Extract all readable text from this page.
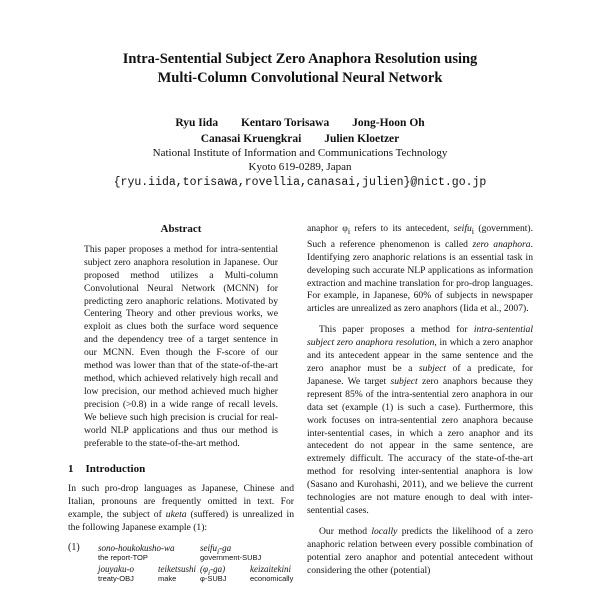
Intra-Sentential Subject Zero Anaphora Resolution using
Multi-Column Convolutional Neural Network
Ryu Iida Kentaro Torisawa Jong-Hoon Oh
Canasai Kruengkrai Julien Kloetzer
National Institute of Information and Communications Technology
Kyoto 619-0289, Japan
{ryu.iida,torisawa,rovellia,canasai,julien}@nict.go.jp
Abstract
This paper proposes a method for intra-sentential subject zero anaphora resolution in Japanese. Our proposed method utilizes a Multi-column Convolutional Neural Network (MCNN) for predicting zero anaphoric relations. Motivated by Centering Theory and other previous works, we exploit as clues both the surface word sequence and the dependency tree of a target sentence in our MCNN. Even though the F-score of our method was lower than that of the state-of-the-art method, which achieved relatively high recall and low precision, our method achieved much higher precision (>0.8) in a wide range of recall levels. We believe such high precision is crucial for real-world NLP applications and thus our method is preferable to the state-of-the-art method.
1 Introduction

In such pro-drop languages as Japanese, Chinese and Italian, pronouns are frequently omitted in text. For example, the subject of uketa (suffered) is unrealized in the following Japanese example (1):

(1) sono-houkokusho-wa	seifu$_i$-ga
the report-TOP	government-SUBJ
jouyaku-o	teiketsushi $(\varphi_i-ga)$	keizaitekini
treaty-OBJ	make	φ-SUBJ	economically

anaphor $\varphi_i$ refers to its antecedent, seifu$_i$ (government). Such a reference phenomenon is called zero anaphora. Identifying zero anaphoric relations is an essential task in developing such accurate NLP applications as information extraction and machine translation for pro-drop languages. For example, in Japanese, 60% of subjects in newspaper articles are unrealized as zero anaphors (Iida et al., 2007).

This paper proposes a method for intra-sentential subject zero anaphora resolution, in which a zero anaphor and its antecedent appear in the same sentence and the zero anaphor must be a subject of a predicate, for Japanese. We target subject zero anaphors because they represent 85% of the intra-sentential zero anaphora in our data set (example (1) is such a case). Furthermore, this work focuses on intra-sentential zero anaphora because inter-sentential cases, in which a zero anaphor and its antecedent do not appear in the same sentence, are extremely difficult. The accuracy of the state-of-the-art method for resolving inter-sentential anaphora is low (Sasano and Kurohashi, 2011), and we believe the current technologies are not mature enough to deal with inter-sentential cases.

Our method locally predicts the likelihood of a zero anaphoric relation between every possible combination of potential zero anaphor and potential antecedent without considering the other (potential)
